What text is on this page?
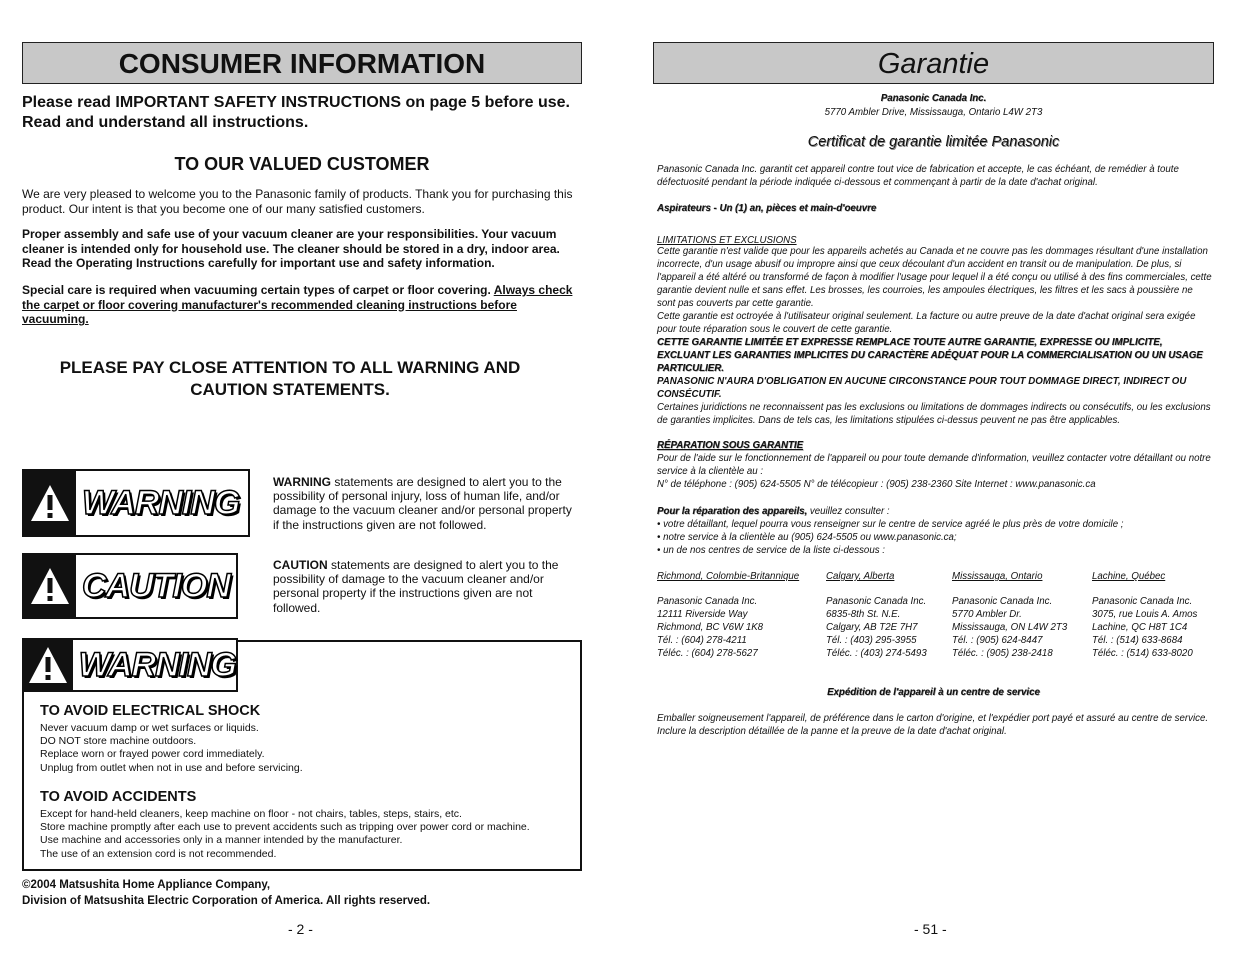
CONSUMER INFORMATION
Please read IMPORTANT SAFETY INSTRUCTIONS on page 5 before use. Read and understand all instructions.
TO OUR VALUED CUSTOMER
We are very pleased to welcome you to the Panasonic family of products. Thank you for purchasing this product. Our intent is that you become one of our many satisfied customers.
Proper assembly and safe use of your vacuum cleaner are your responsibilities. Your vacuum cleaner is intended only for household use. The cleaner should be stored in a dry, indoor area. Read the Operating Instructions carefully for important use and safety information.
Special care is required when vacuuming certain types of carpet or floor covering. Always check the carpet or floor covering manufacturer's recommended cleaning instructions before vacuuming.
PLEASE PAY CLOSE ATTENTION TO ALL WARNING AND CAUTION STATEMENTS.
WARNING
CAUTION
WARNING statements are designed to alert you to the possibility of personal injury, loss of human life, and/or damage to the vacuum cleaner and/or personal property if the instructions given are not followed.
CAUTION statements are designed to alert you to the possibility of damage to the vacuum cleaner and/or personal property if the instructions given are not followed.
WARNING
TO AVOID ELECTRICAL SHOCK
Never vacuum damp or wet surfaces or liquids.
DO NOT store machine outdoors.
Replace worn or frayed power cord immediately.
Unplug from outlet when not in use and before servicing.
TO AVOID ACCIDENTS
Except for hand-held cleaners, keep machine on floor - not chairs, tables, steps, stairs, etc.
Store machine promptly after each use to prevent accidents such as tripping over power cord or machine.
Use machine and accessories only in a manner intended by the manufacturer.
The use of an extension cord is not recommended.
©2004 Matsushita Home Appliance Company,
Division of Matsushita Electric Corporation of America. All rights reserved.
- 2 -
Garantie
Panasonic Canada Inc.
5770 Ambler Drive, Mississauga, Ontario L4W 2T3
Certificat de garantie limitée Panasonic
Panasonic Canada Inc. garantit cet appareil contre tout vice de fabrication et accepte, le cas échéant, de remédier à toute défectuosité pendant la période indiquée ci-dessous et commençant à partir de la date d'achat original.
Aspirateurs - Un (1) an, pièces et main-d'oeuvre
LIMITATIONS ET EXCLUSIONS
Cette garantie n'est valide que pour les appareils achetés au Canada et ne couvre pas les dommages résultant d'une installation incorrecte, d'un usage abusif ou impropre ainsi que ceux découlant d'un accident en transit ou de manipulation. De plus, si l'appareil a été altéré ou transformé de façon à modifier l'usage pour lequel il a été conçu ou utilisé à des fins commerciales, cette garantie devient nulle et sans effet. Les brosses, les courroies, les ampoules électriques, les filtres et les sacs à poussière ne sont pas couverts par cette garantie.
Cette garantie est octroyée à l'utilisateur original seulement. La facture ou autre preuve de la date d'achat original sera exigée pour toute réparation sous le couvert de cette garantie.
CETTE GARANTIE LIMITÉE ET EXPRESSE REMPLACE TOUTE AUTRE GARANTIE, EXPRESSE OU IMPLICITE, EXCLUANT LES GARANTIES IMPLICITES DU CARACTÈRE ADÉQUAT POUR LA COMMERCIALISATION OU UN USAGE PARTICULIER.
PANASONIC N'AURA D'OBLIGATION EN AUCUNE CIRCONSTANCE POUR TOUT DOMMAGE DIRECT, INDIRECT OU CONSÉCUTIF.
Certaines juridictions ne reconnaissent pas les exclusions ou limitations de dommages indirects ou consécutifs, ou les exclusions de garanties implicites. Dans de tels cas, les limitations stipulées ci-dessus peuvent ne pas être applicables.
RÉPARATION SOUS GARANTIE
Pour de l'aide sur le fonctionnement de l'appareil ou pour toute demande d'information, veuillez contacter votre détaillant ou notre service à la clientèle au :
N° de téléphone : (905) 624-5505 N° de télécopieur : (905) 238-2360 Site Internet : www.panasonic.ca
Pour la réparation des appareils, veuillez consulter :
• votre détaillant, lequel pourra vous renseigner sur le centre de service agréé le plus près de votre domicile ;
• notre service à la clientèle au (905) 624-5505 ou www.panasonic.ca;
• un de nos centres de service de la liste ci-dessous :
Richmond, Colombie-Britannique
Panasonic Canada Inc.
12111 Riverside Way
Richmond, BC V6W 1K8
Tél. : (604) 278-4211
Téléc. : (604) 278-5627
Calgary, Alberta
Panasonic Canada Inc.
6835-8th St. N.E.
Calgary, AB T2E 7H7
Tél. : (403) 295-3955
Téléc. : (403) 274-5493
Mississauga, Ontario
Panasonic Canada Inc.
5770 Ambler Dr.
Mississauga, ON L4W 2T3
Tél. : (905) 624-8447
Téléc. : (905) 238-2418
Lachine, Québec
Panasonic Canada Inc.
3075, rue Louis A. Amos
Lachine, QC H8T 1C4
Tél. : (514) 633-8684
Téléc. : (514) 633-8020
Expédition de l'appareil à un centre de service
Emballer soigneusement l'appareil, de préférence dans le carton d'origine, et l'expédier port payé et assuré au centre de service.
Inclure la description détaillée de la panne et la preuve de la date d'achat original.
- 51 -
